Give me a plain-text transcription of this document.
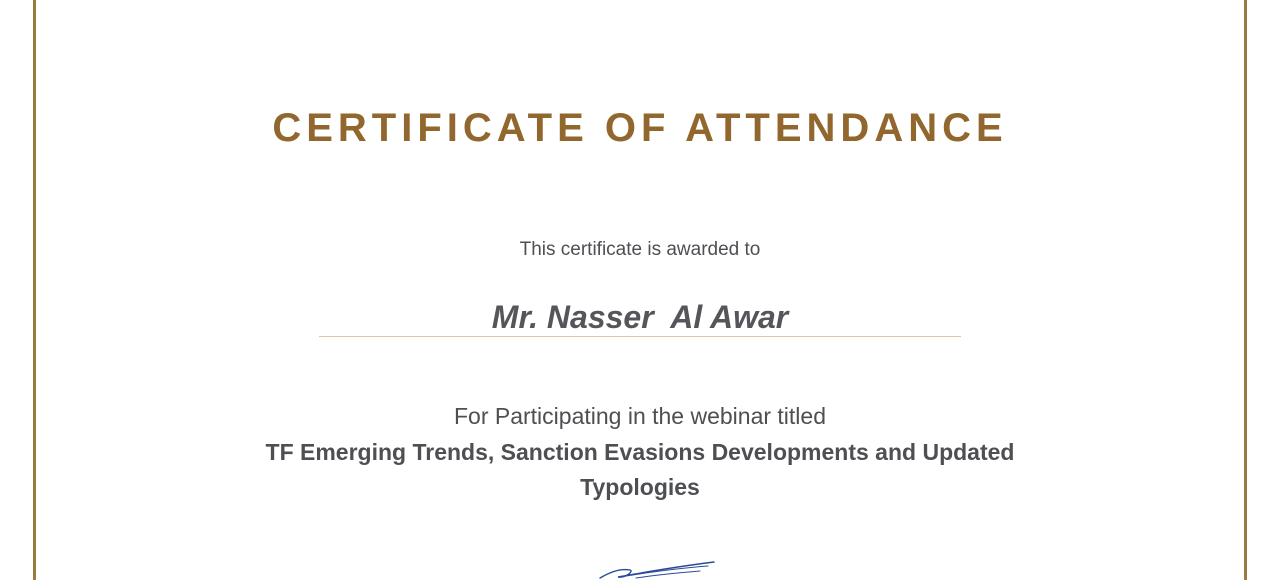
CERTIFICATE OF ATTENDANCE
This certificate is awarded to
Mr. Nasser  Al Awar
For Participating in the webinar titled
TF Emerging Trends, Sanction Evasions Developments and Updated Typologies
